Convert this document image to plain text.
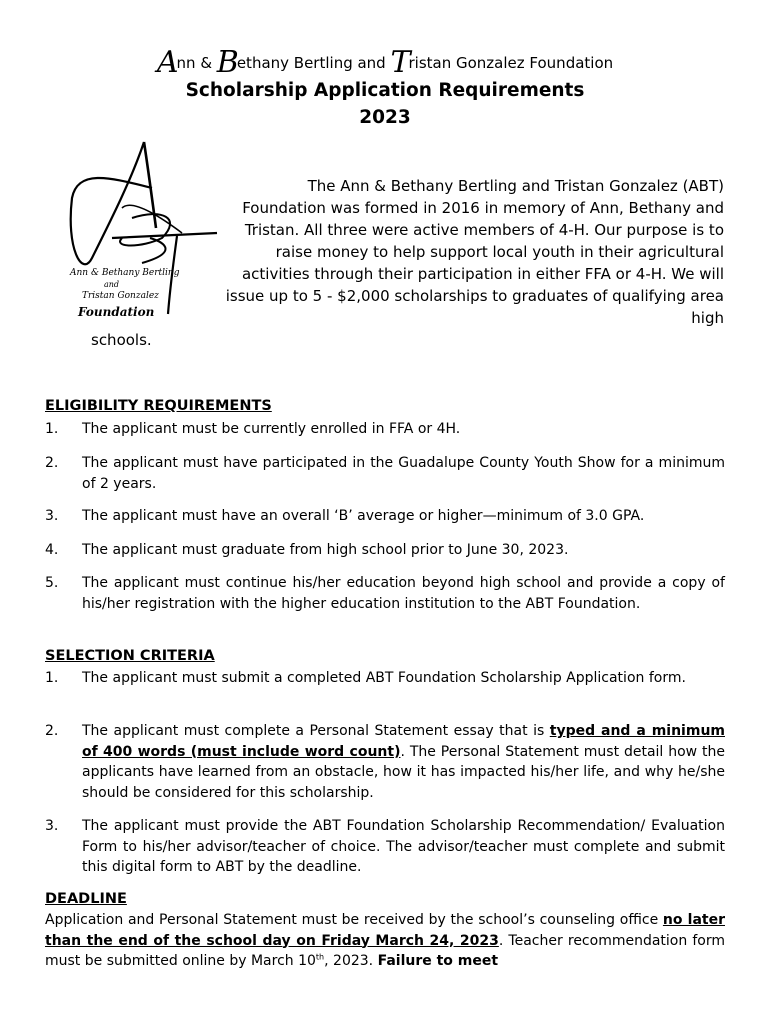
Ann & Bethany Bertling and Tristan Gonzalez Foundation
Scholarship Application Requirements
2023
Ann & Bethany Bertling
and
Tristan Gonzalez
Foundation
The Ann & Bethany Bertling and Tristan Gonzalez (ABT) Foundation was formed in 2016 in memory of Ann, Bethany and Tristan. All three were active members of 4-H. Our purpose is to raise money to help support local youth in their agricultural activities through their participation in either FFA or 4-H. We will issue up to 5 - $2,000 scholarships to graduates of qualifying area high
schools.
ELIGIBILITY REQUIREMENTS
1. The applicant must be currently enrolled in FFA or 4H.
2. The applicant must have participated in the Guadalupe County Youth Show for a minimum of 2 years.
3. The applicant must have an overall ‘B’ average or higher—minimum of 3.0 GPA.
4. The applicant must graduate from high school prior to June 30, 2023.
5. The applicant must continue his/her education beyond high school and provide a copy of his/her registration with the higher education institution to the ABT Foundation.
SELECTION CRITERIA
1. The applicant must submit a completed ABT Foundation Scholarship Application form.
2. The applicant must complete a Personal Statement essay that is typed and a minimum of 400 words (must include word count). The Personal Statement must detail how the applicants have learned from an obstacle, how it has impacted his/her life, and why he/she should be considered for this scholarship.
3. The applicant must provide the ABT Foundation Scholarship Recommendation/ Evaluation Form to his/her advisor/teacher of choice. The advisor/teacher must complete and submit this digital form to ABT by the deadline.
DEADLINE
Application and Personal Statement must be received by the school’s counseling office no later than the end of the school day on Friday March 24, 2023. Teacher recommendation form must be submitted online by March 10th, 2023. Failure to meet
